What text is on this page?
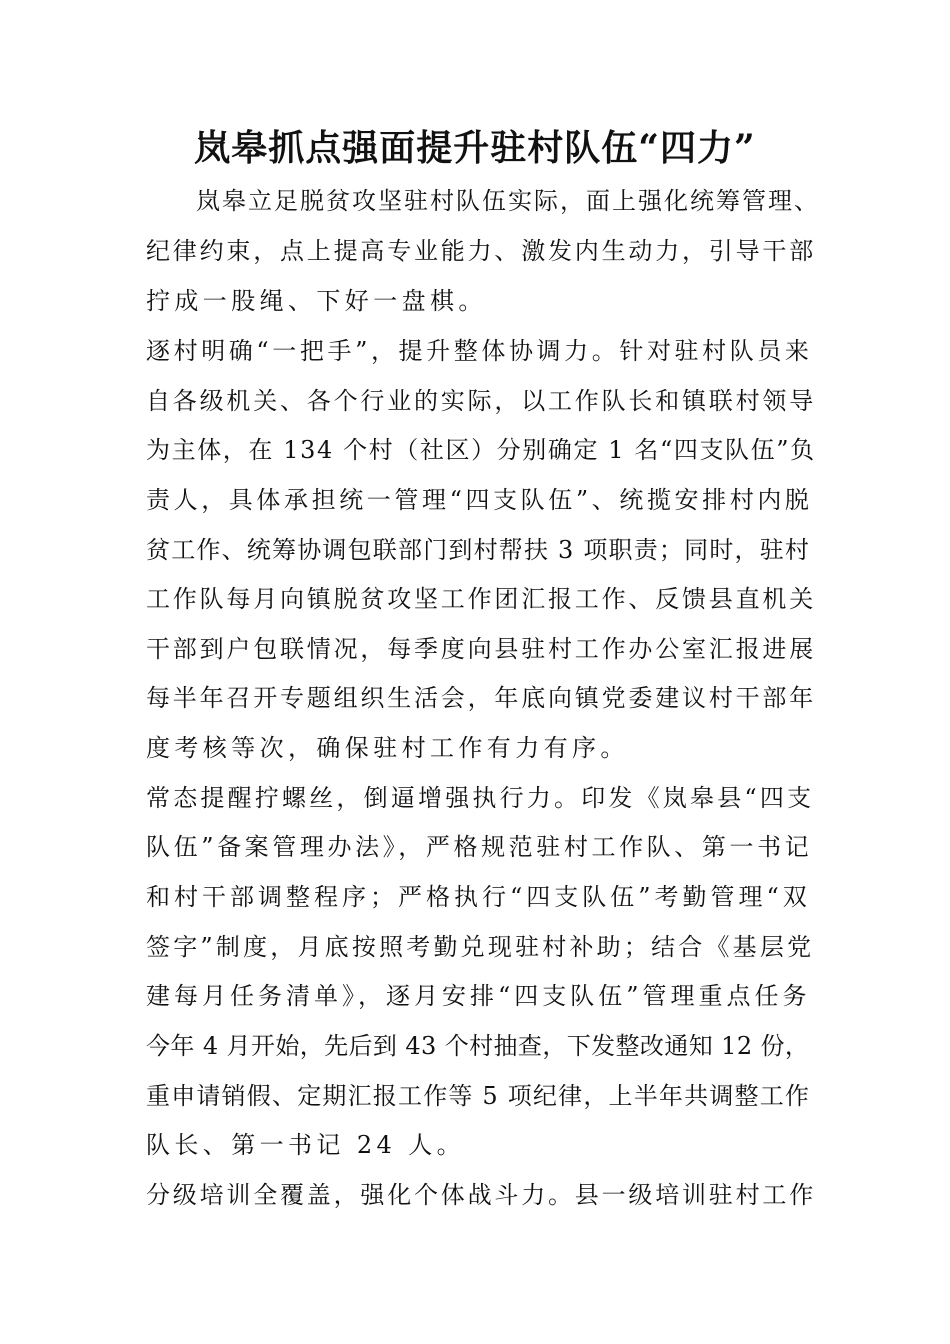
岚皋抓点强面提升驻村队伍“四力”
岚皋立足脱贫攻坚驻村队伍实际，面上强化统筹管理、
纪律约束，点上提高专业能力、激发内生动力，引导干部
拧成一股绳、下好一盘棋。
逐村明确“一把手”，提升整体协调力。针对驻村队员来
自各级机关、各个行业的实际，以工作队长和镇联村领导
为主体，在 134 个村（社区）分别确定 1 名“四支队伍”负
责人，具体承担统一管理“四支队伍”、统揽安排村内脱
贫工作、统筹协调包联部门到村帮扶 3 项职责；同时，驻村
工作队每月向镇脱贫攻坚工作团汇报工作、反馈县直机关
干部到户包联情况，每季度向县驻村工作办公室汇报进展
每半年召开专题组织生活会，年底向镇党委建议村干部年
度考核等次，确保驻村工作有力有序。
常态提醒拧螺丝，倒逼增强执行力。印发《岚皋县“四支
队伍”备案管理办法》，严格规范驻村工作队、第一书记
和村干部调整程序；严格执行“四支队伍”考勤管理“双
签字”制度，月底按照考勤兑现驻村补助；结合《基层党
建每月任务清单》，逐月安排“四支队伍”管理重点任务
今年 4 月开始，先后到 43 个村抽查，下发整改通知 12 份，
重申请销假、定期汇报工作等 5 项纪律，上半年共调整工作
队长、第一书记 24 人。
分级培训全覆盖，强化个体战斗力。县一级培训驻村工作
